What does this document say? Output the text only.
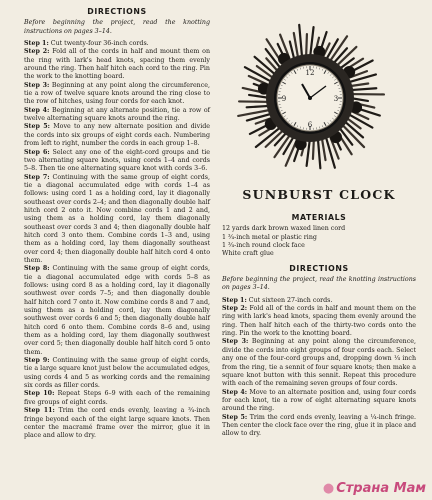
DIRECTIONS

Before beginning the project, read the knotting instructions on pages 3–14.

Step 1: Cut twenty-four 36-inch cords.

Step 2: Fold all of the cords in half and mount them on the ring with lark's head knots, spacing them evenly around the ring. Then half hitch each cord to the ring. Pin the work to the knotting board.

Step 3: Beginning at any point along the circumference, tie a row of twelve square knots around the ring close to the row of hitches, using four cords for each knot.

Step 4: Beginning at any alternate position, tie a row of twelve alternating square knots around the ring.

Step 5: Move to any new alternate position and divide the cords into six groups of eight cords each. Numbering from left to right, number the cords in each group 1–8.

Step 6: Select any one of the eight-cord groups and tie two alternating square knots, using cords 1–4 and cords 5–8. Then tie one alternating square knot with cords 3–6.

Step 7: Continuing with the same group of eight cords, tie a diagonal accumulated edge with cords 1–4 as follows: using cord 1 as a holding cord, lay it diagonally southeast over cords 2–4; and then diagonally double half hitch cord 2 onto it. Now combine cords 1 and 2 and, using them as a holding cord, lay them diagonally southeast over cords 3 and 4; then diagonally double half hitch cord 3 onto them. Combine cords 1–3 and, using them as a holding cord, lay them diagonally southeast over cord 4; then diagonally double half hitch cord 4 onto them.

Step 8: Continuing with the same group of eight cords, tie a diagonal accumulated edge with cords 5–8 as follows: using cord 8 as a holding cord, lay it diagonally southwest over cords 7–5; and then diagonally double half hitch cord 7 onto it. Now combine cords 8 and 7 and, using them as a holding cord, lay them diagonally southwest over cords 6 and 5; then diagonally double half hitch cord 6 onto them. Combine cords 8–6 and, using them as a holding cord, lay them diagonally southwest over cord 5; then diagonally double half hitch cord 5 onto them.

Step 9: Continuing with the same group of eight cords, tie a large square knot just below the accumulated edges, using cords 4 and 5 as working cords and the remaining six cords as filler cords.

Step 10: Repeat Steps 6–9 with each of the remaining five groups of eight cords.

Step 11: Trim the cord ends evenly, leaving a ¾-inch fringe beyond each of the eight large square knots. Then center the macramé frame over the mirror, glue it in place and allow to dry.

12
3
6
9
SUNBURST CLOCK
MATERIALS
12 yards dark brown waxed linen cord
1 ¾-inch metal or plastic ring
1 ¾-inch round clock face
White craft glue
DIRECTIONS

Before beginning the project, read the knotting instructions on pages 3–14.

Step 1: Cut sixteen 27-inch cords.

Step 2: Fold all of the cords in half and mount them on the ring with lark's head knots, spacing them evenly around the ring. Then half hitch each of the thirty-two cords onto the ring. Pin the work to the knotting board.

Step 3: Beginning at any point along the circumference, divide the cords into eight groups of four cords each. Select any one of the four-cord groups and, dropping down ¼ inch from the ring, tie a sennit of four square knots; then make a square knot button with this sennit. Repeat this procedure with each of the remaining seven groups of four cords.

Step 4: Move to an alternate position and, using four cords for each knot, tie a row of eight alternating square knots around the ring.

Step 5: Trim the cord ends evenly, leaving a ¼-inch fringe. Then center the clock face over the ring, glue it in place and allow to dry.

● Страна Мам
